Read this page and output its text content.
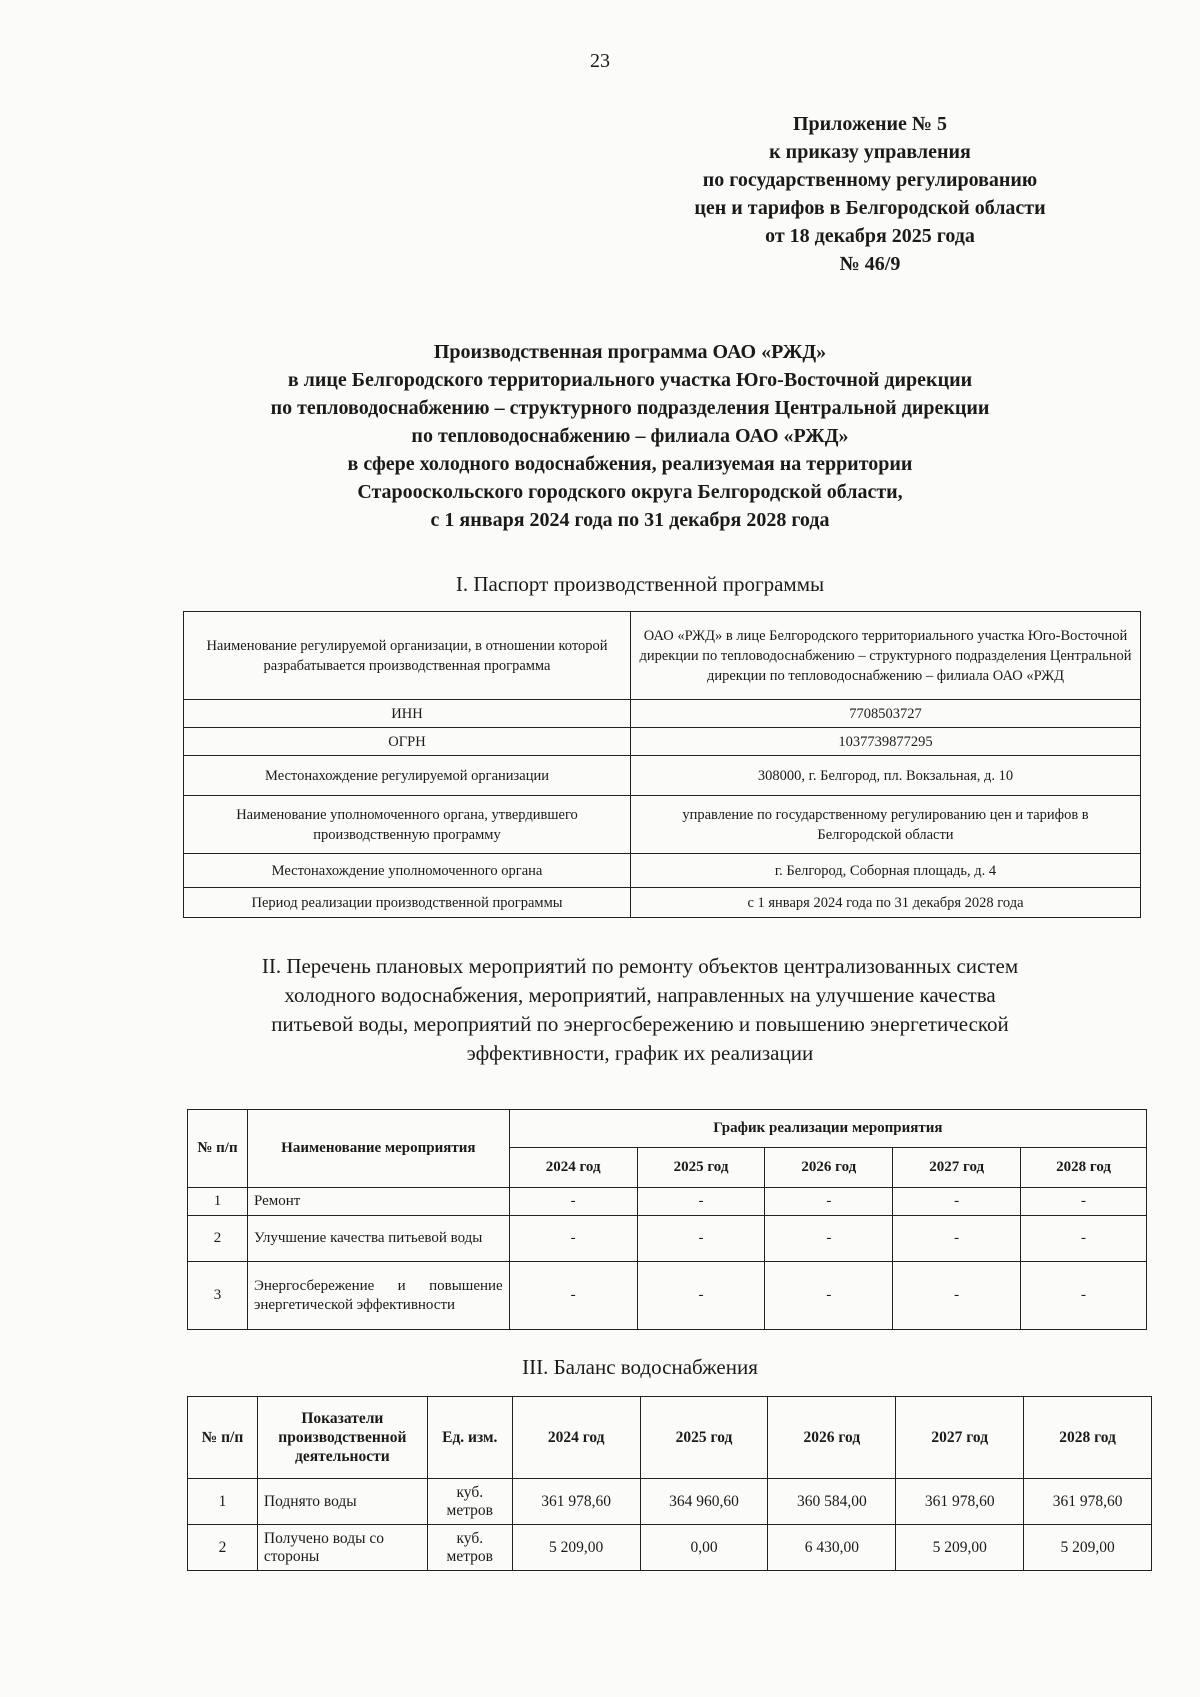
23
Приложение № 5
к приказу управления
по государственному регулированию
цен и тарифов в Белгородской области
от 18 декабря 2025 года
№ 46/9
Производственная программа ОАО «РЖД»
в лице Белгородского территориального участка Юго-Восточной дирекции
по тепловодоснабжению – структурного подразделения Центральной дирекции
по тепловодоснабжению – филиала ОАО «РЖД»
в сфере холодного водоснабжения, реализуемая на территории
Старооскольского городского округа Белгородской области,
с 1 января 2024 года по 31 декабря 2028 года
I. Паспорт производственной программы
Наименование регулируемой организации, в отношении которой разрабатывается производственная программа	ОАО «РЖД» в лице Белгородского территориального участка Юго-Восточной дирекции по тепловодоснабжению – структурного подразделения Центральной дирекции по тепловодоснабжению – филиала ОАО «РЖД
ИНН	7708503727
ОГРН	1037739877295
Местонахождение регулируемой организации	308000, г. Белгород, пл. Вокзальная, д. 10
Наименование уполномоченного органа, утвердившего производственную программу	управление по государственному регулированию цен и тарифов в Белгородской области
Местонахождение уполномоченного органа	г. Белгород, Соборная площадь, д. 4
Период реализации производственной программы	с 1 января 2024 года по 31 декабря 2028 года
II. Перечень плановых мероприятий по ремонту объектов централизованных систем
холодного водоснабжения, мероприятий, направленных на улучшение качества
питьевой воды, мероприятий по энергосбережению и повышению энергетической
эффективности, график их реализации
№ п/п	Наименование мероприятия	График реализации мероприятия				
		2024 год	2025 год	2026 год	2027 год	2028 год
1	Ремонт	-	-	-	-	-
2	Улучшение качества питьевой воды	-	-	-	-	-
3	Энергосбережение и повышение энергетической эффективности	-	-	-	-	-
III. Баланс водоснабжения
№ п/п	Показатели производственной деятельности	Ед. изм.	2024 год	2025 год	2026 год	2027 год	2028 год
1	Поднято воды	куб. метров	361 978,60	364 960,60	360 584,00	361 978,60	361 978,60
2	Получено воды со стороны	куб. метров	5 209,00	0,00	6 430,00	5 209,00	5 209,00
